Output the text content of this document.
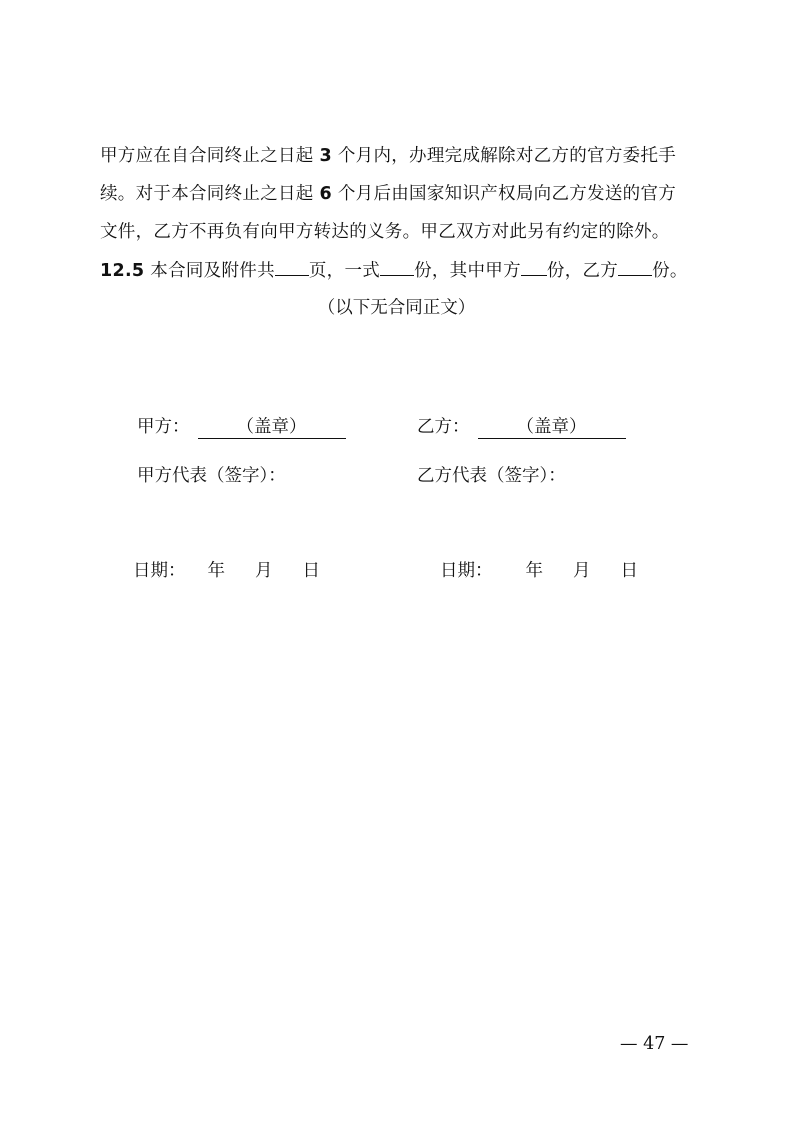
甲方应在自合同终止之日起 3 个月内，办理完成解除对乙方的官方委托手
续。对于本合同终止之日起 6 个月后由国家知识产权局向乙方发送的官方
文件，乙方不再负有向甲方转达的义务。甲乙双方对此另有约定的除外。
12.5 本合同及附件共 页，一式 份，其中甲方 份，乙方 份。
（以下无合同正文）
甲方：	（盖章）	乙方：	（盖章）
甲方代表（签字）：	乙方代表（签字）：
日期： 年 月 日	日期： 年 月 日
— 47 —
